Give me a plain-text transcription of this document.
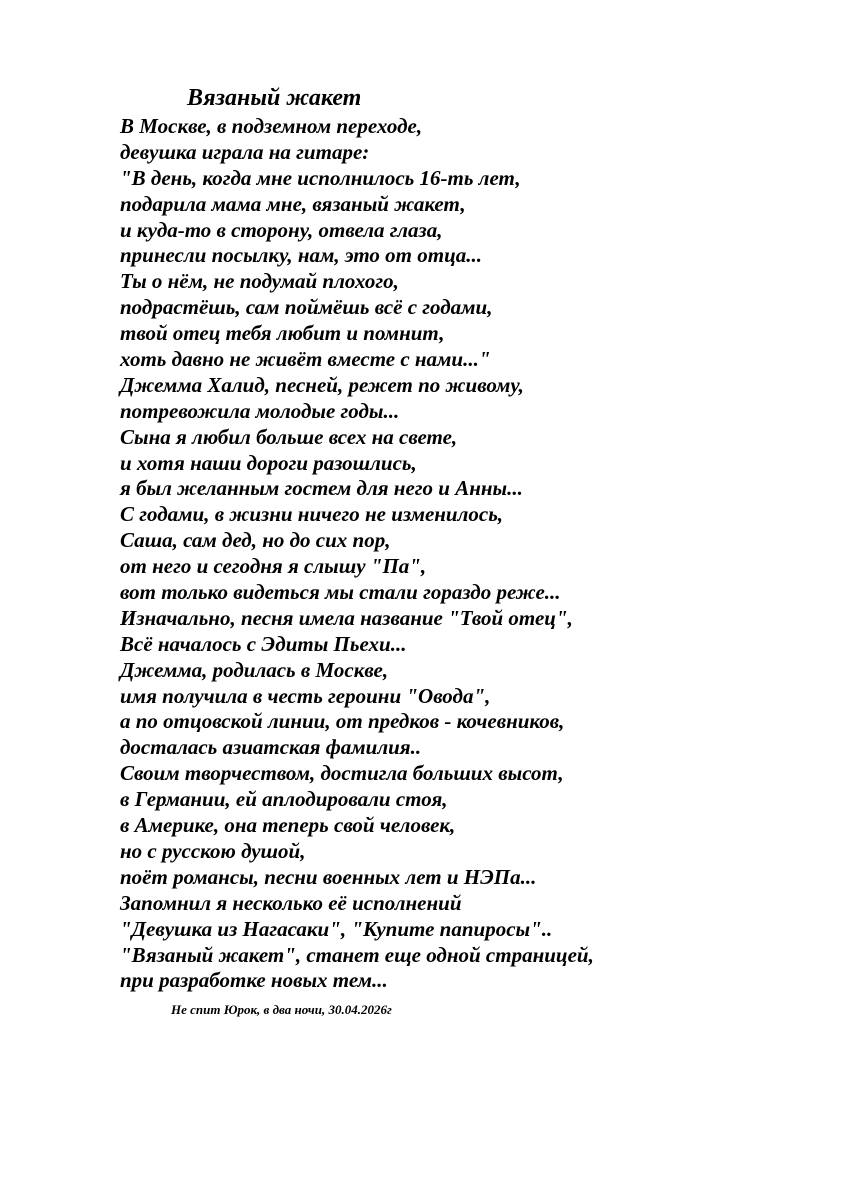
Вязаный жакет
В Москве, в подземном переходе,
девушка играла на гитаре:
"В день, когда мне исполнилось 16-ть лет,
подарила мама мне, вязаный жакет,
и куда-то в сторону, отвела глаза,
принесли посылку, нам, это от отца...
Ты о нём, не подумай плохого,
подрастёшь, сам поймёшь всё с годами,
твой отец тебя любит и помнит,
хоть давно не живёт вместе с нами..."
Джемма Халид, песней, режет по живому,
потревожила молодые годы...
Сына я любил больше всех на свете,
и хотя наши дороги разошлись,
я был желанным гостем для него и Анны...
С годами, в жизни ничего не изменилось,
Саша, сам дед, но до сих пор,
от него и сегодня я слышу "Па",
вот только видеться мы стали гораздо реже...
Изначально, песня имела название "Твой отец",
Всё началось с Эдиты Пьехи...
Джемма, родилась в Москве,
имя получила в честь героини "Овода",
а по отцовской линии, от предков - кочевников,
досталась азиатская фамилия..
Своим творчеством, достигла больших высот,
в Германии, ей аплодировали стоя,
в Америке, она теперь свой человек,
но с русскою душой,
поёт романсы, песни военных лет и НЭПа...
Запомнил я несколько её исполнений
"Девушка из Нагасаки", "Купите папиросы"..
"Вязаный жакет", станет еще одной страницей,
при разработке новых тем...
Не спит Юрок, в два ночи, 30.04.2026г
